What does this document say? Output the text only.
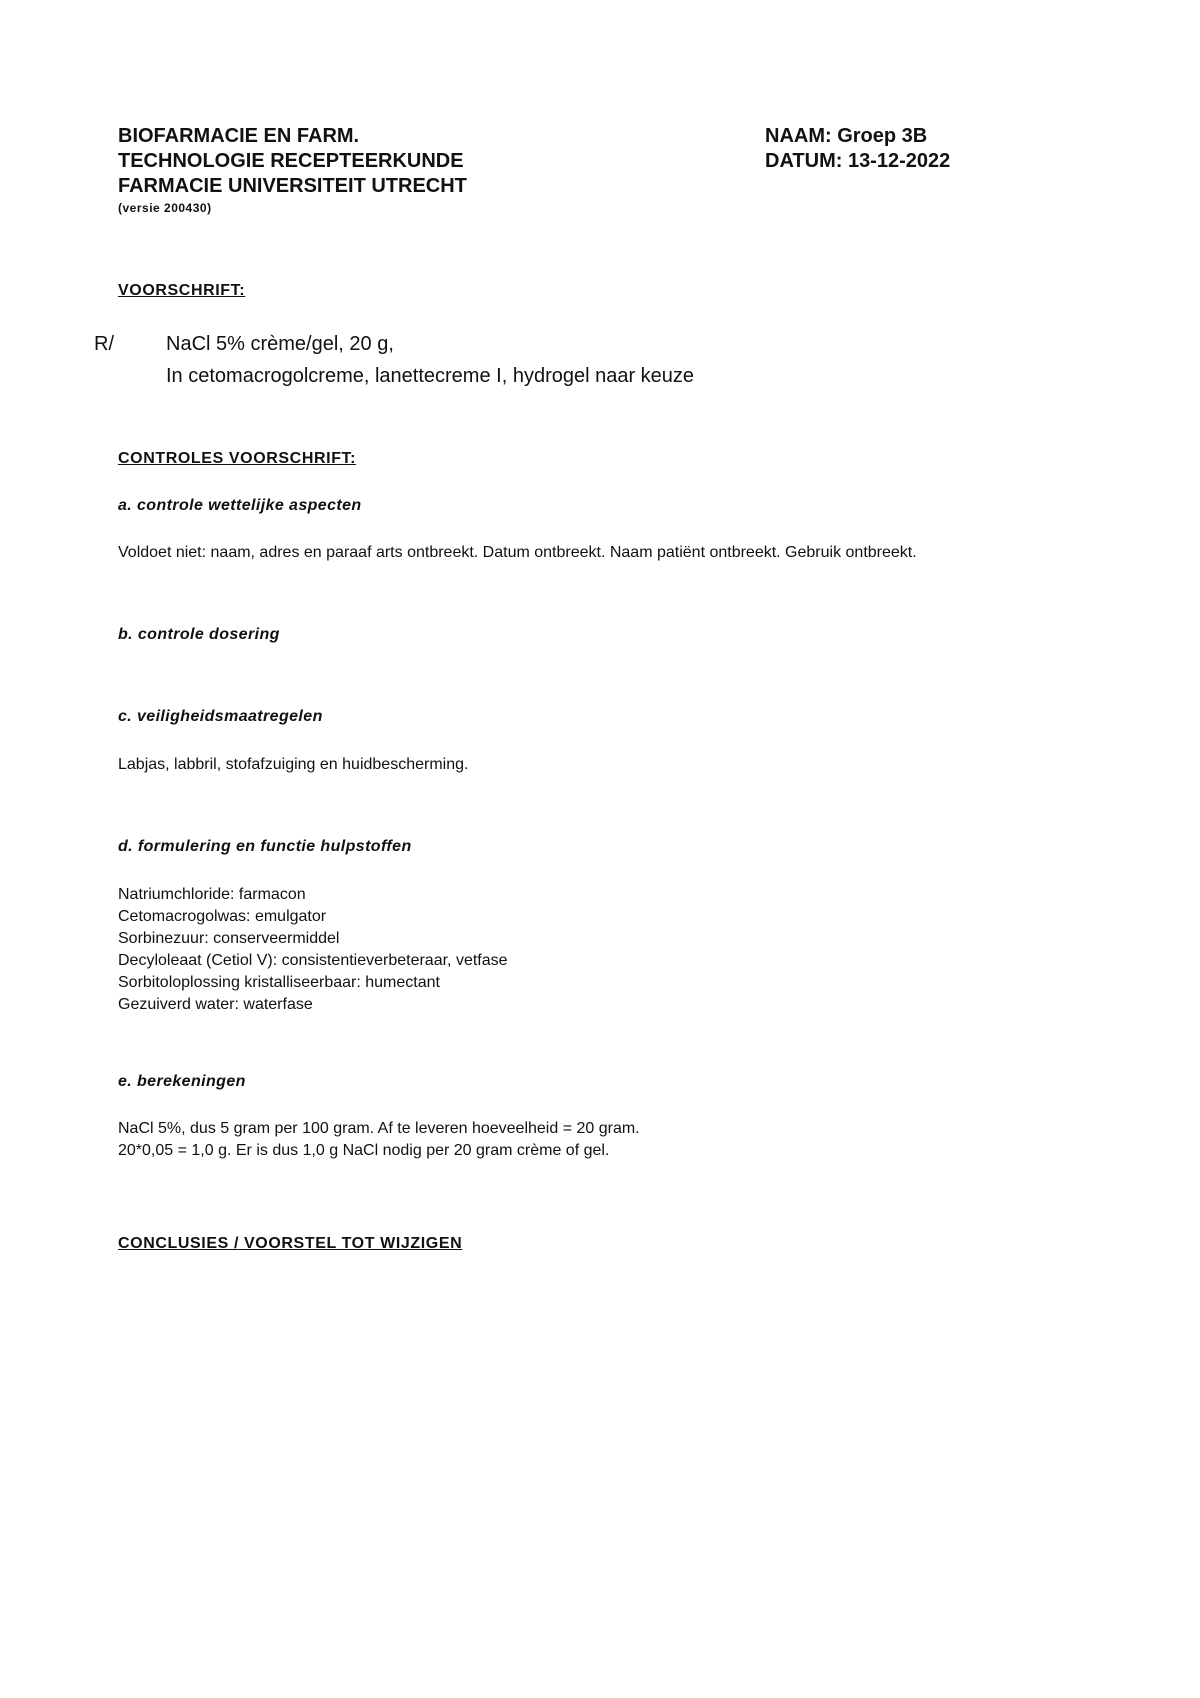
BIOFARMACIE EN FARM.
TECHNOLOGIE RECEPTEERKUNDE
FARMACIE UNIVERSITEIT UTRECHT
(versie 200430)
NAAM: Groep 3B
DATUM: 13-12-2022
VOORSCHRIFT:
R/	NaCl 5% crème/gel, 20 g,
In cetomacrogolcreme, lanettecreme I, hydrogel naar keuze
CONTROLES VOORSCHRIFT:
a. controle wettelijke aspecten
Voldoet niet: naam, adres en paraaf arts ontbreekt. Datum ontbreekt. Naam patiënt ontbreekt. Gebruik ontbreekt.
b. controle dosering
c. veiligheidsmaatregelen
Labjas, labbril, stofafzuiging en huidbescherming.
d. formulering en functie hulpstoffen
Natriumchloride: farmacon
Cetomacrogolwas: emulgator
Sorbinezuur: conserveermiddel
Decyloleaat (Cetiol V): consistentieverbeteraar, vetfase
Sorbitoloplossing kristalliseerbaar: humectant
Gezuiverd water: waterfase
e. berekeningen
NaCl 5%, dus 5 gram per 100 gram. Af te leveren hoeveelheid = 20 gram.
20*0,05 = 1,0 g. Er is dus 1,0 g NaCl nodig per 20 gram crème of gel.
CONCLUSIES / VOORSTEL TOT WIJZIGEN
